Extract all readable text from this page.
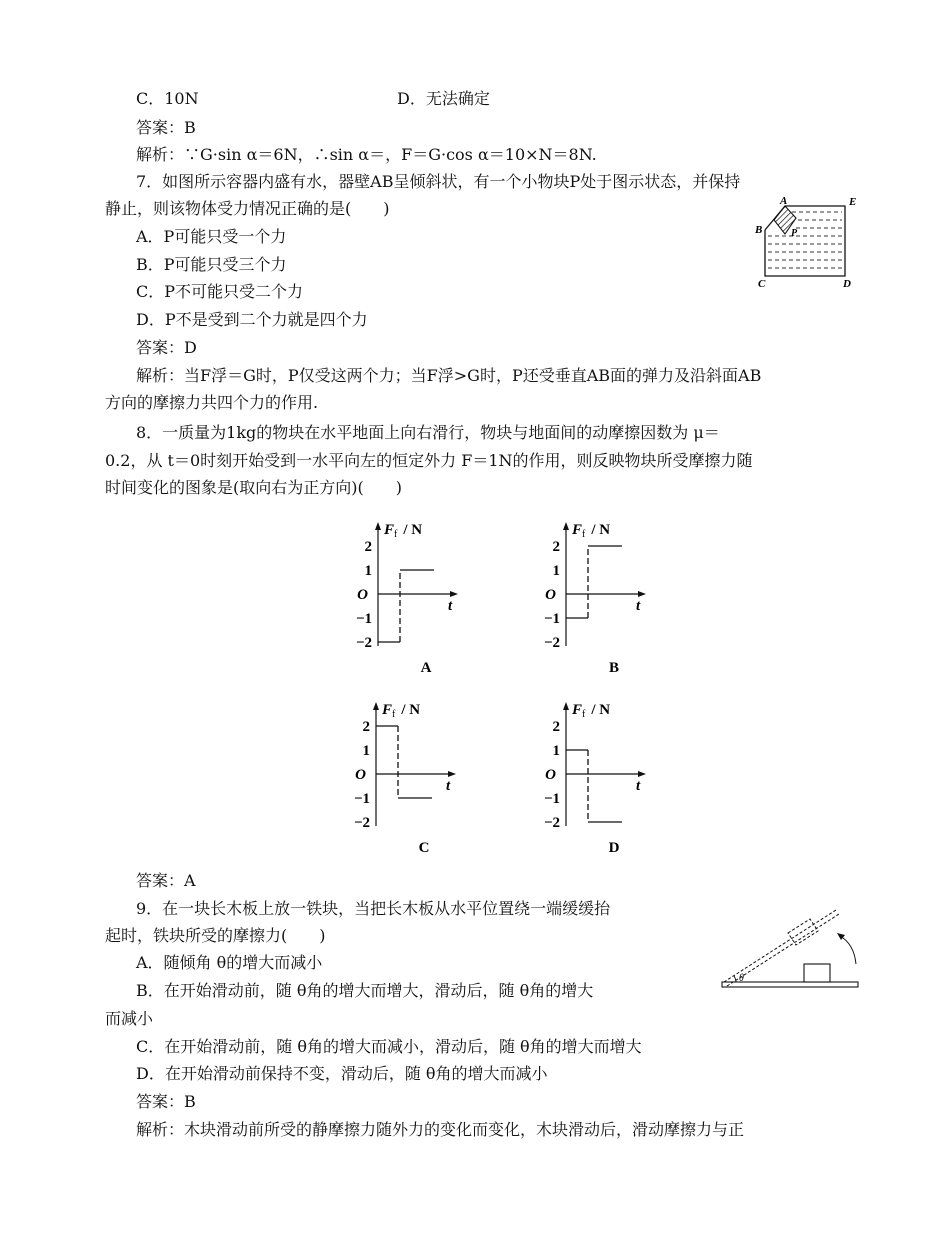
C．10N	D．无法确定
答案：B
解析：∵G·sin α＝6N，∴sin α＝，F＝G·cos α＝10×N＝8N.
7．如图所示容器内盛有水，器壁AB呈倾斜状，有一个小物块P处于图示状态，并保持
静止，则该物体受力情况正确的是(　　)
A．P可能只受一个力
B．P可能只受三个力
C．P不可能只受二个力
D．P不是受到二个力就是四个力
答案：D
解析：当F浮＝G时，P仅受这两个力；当F浮>G时，P还受垂直AB面的弹力及沿斜面AB
方向的摩擦力共四个力的作用.
A	E
B	P
C	D
8．一质量为1kg的物块在水平地面上向右滑行，物块与地面间的动摩擦因数为 μ＝
0.2，从 t＝0时刻开始受到一水平向左的恒定外力 F＝1N的作用，则反映物块所受摩擦力随
时间变化的图象是(取向右为正方向)(　　)
$F_f$ / N
t
2
1
O
−1
−2
A
$F_f$ / N
t
2
1
O
−1
−2
B
$F_f$ / N
t
2
1
O
−1
−2
C
$F_f$ / N
t
2
1
O
−1
−2
D
答案：A
9．在一块长木板上放一铁块，当把长木板从水平位置绕一端缓缓抬
起时，铁块所受的摩擦力(　　)
A．随倾角 θ的增大而减小
B．在开始滑动前，随 θ角的增大而增大，滑动后，随 θ角的增大
而减小
C．在开始滑动前，随 θ角的增大而减小，滑动后，随 θ角的增大而增大
D．在开始滑动前保持不变，滑动后，随 θ角的增大而减小
答案：B
解析：木块滑动前所受的静摩擦力随外力的变化而变化，木块滑动后，滑动摩擦力与正
θ
